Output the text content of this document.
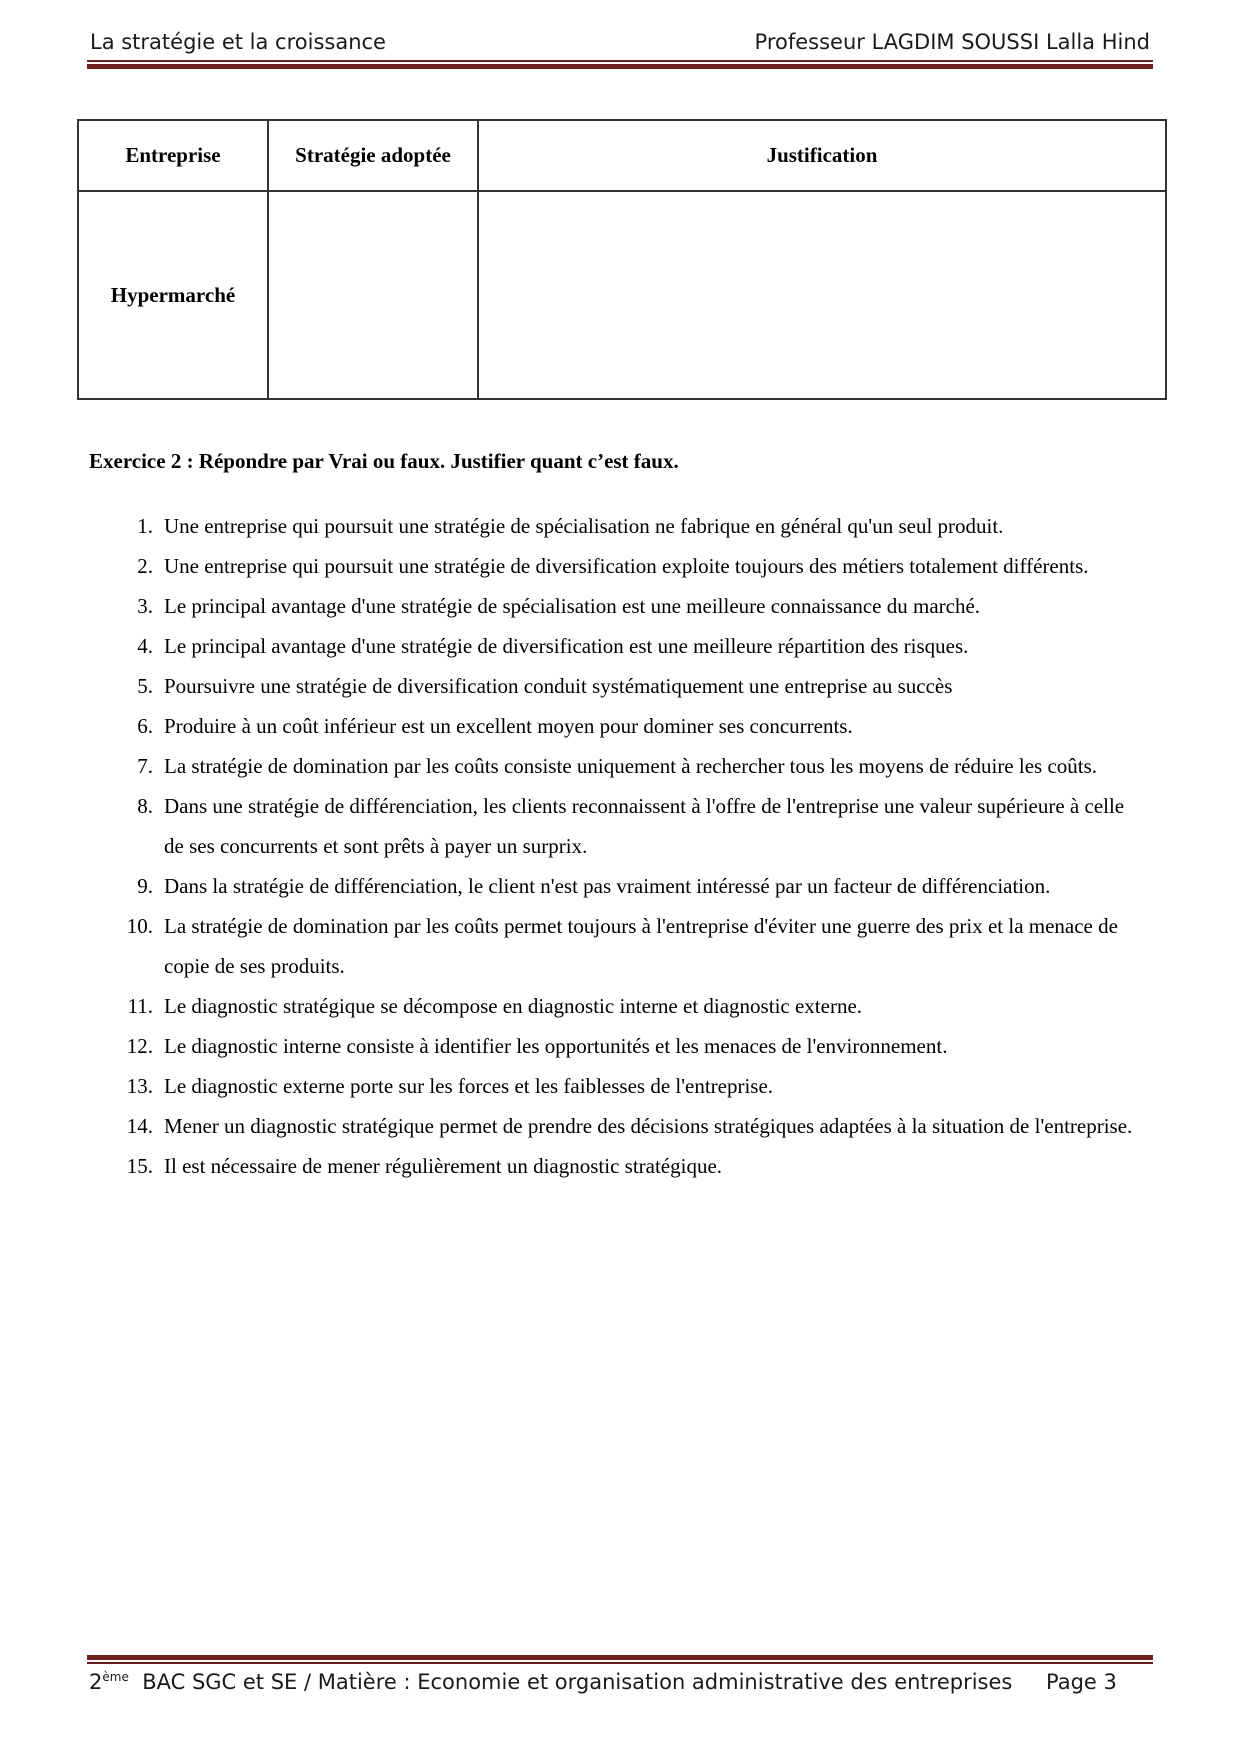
La stratégie et la croissance	Professeur LAGDIM SOUSSI Lalla Hind
Entreprise	Stratégie adoptée	Justification
Hypermarché		
Exercice 2 : Répondre par Vrai ou faux. Justifier quant c’est faux.
1. Une entreprise qui poursuit une stratégie de spécialisation ne fabrique en général qu'un seul produit.
2. Une entreprise qui poursuit une stratégie de diversification exploite toujours des métiers totalement différents.
3. Le principal avantage d'une stratégie de spécialisation est une meilleure connaissance du marché.
4. Le principal avantage d'une stratégie de diversification est une meilleure répartition des risques.
5. Poursuivre une stratégie de diversification conduit systématiquement une entreprise au succès
6. Produire à un coût inférieur est un excellent moyen pour dominer ses concurrents.
7. La stratégie de domination par les coûts consiste uniquement à rechercher tous les moyens de réduire les coûts.
8. Dans une stratégie de différenciation, les clients reconnaissent à l'offre de l'entreprise une valeur supérieure à celle de ses concurrents et sont prêts à payer un surprix.
9. Dans la stratégie de différenciation, le client n'est pas vraiment intéressé par un facteur de différenciation.
10. La stratégie de domination par les coûts permet toujours à l'entreprise d'éviter une guerre des prix et la menace de copie de ses produits.
11. Le diagnostic stratégique se décompose en diagnostic interne et diagnostic externe.
12. Le diagnostic interne consiste à identifier les opportunités et les menaces de l'environnement.
13. Le diagnostic externe porte sur les forces et les faiblesses de l'entreprise.
14. Mener un diagnostic stratégique permet de prendre des décisions stratégiques adaptées à la situation de l'entreprise.
15. Il est nécessaire de mener régulièrement un diagnostic stratégique.
2ème BAC SGC et SE / Matière : Economie et organisation administrative des entreprises Page 3
